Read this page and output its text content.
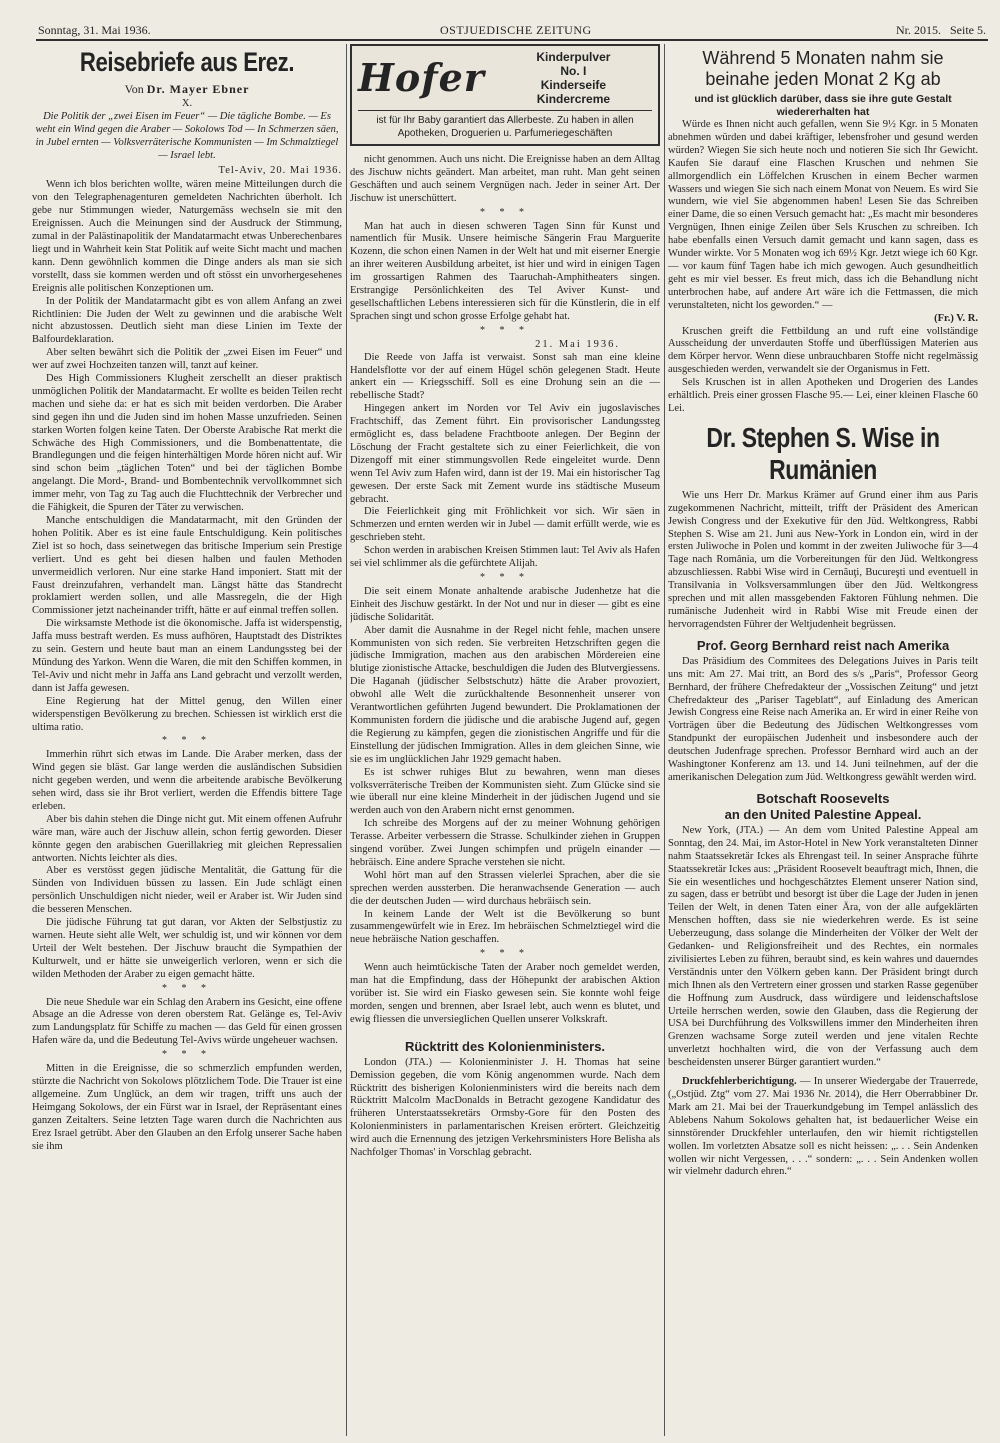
Sonntag, 31. Mai 1936.	OSTJUEDISCHE ZEITUNG	Nr. 2015. Seite 5.
Reisebriefe aus Erez.
Von Dr. Mayer Ebner
X.

Die Politik der „zwei Eisen im Feuer“ — Die tägliche Bombe. — Es weht ein Wind gegen die Araber — Sokolows Tod — In Schmerzen säen, in Jubel ernten — Volksverräterische Kommunisten — Im Schmalztiegel — Israel lebt.

Tel-Aviv, 20. Mai 1936.

Wenn ich blos berichten wollte, wären meine Mitteilungen durch die von den Telegraphenagenturen gemeldeten Nachrichten überholt. Ich gebe nur Stimmungen wieder, Naturgemäss wechseln sie mit den Ereignissen. Auch die Meinungen sind der Ausdruck der Stimmung, zumal in der Palästinapolitik der Mandatarmacht etwas Unberechenbares liegt und in Wahrheit kein Stat Politik auf weite Sicht macht und machen kann. Denn gewöhnlich kommen die Dinge anders als man sie sich vorstellt, dass sie kommen werden und oft stösst ein unvorhergesehenes Ereignis alle politischen Konzeptionen um.

In der Politik der Mandatarmacht gibt es von allem Anfang an zwei Richtlinien: Die Juden der Welt zu gewinnen und die arabische Welt nicht abzustossen. Deutlich sieht man diese Linien im Texte der Balfourdeklaration.

Aber selten bewährt sich die Politik der „zwei Eisen im Feuer“ und wer auf zwei Hochzeiten tanzen will, tanzt auf keiner.

Des High Commissioners Klugheit zerschellt an dieser praktisch unmöglichen Politik der Mandatarmacht. Er wollte es beiden Teilen recht machen und siehe da: er hat es sich mit beiden verdorben. Die Araber sind gegen ihn und die Juden sind im hohen Masse unzufrieden. Seinen starken Worten folgen keine Taten. Der Oberste Arabische Rat merkt die Schwäche des High Commissioners, und die Bombenattentate, die Brandlegungen und die feigen hinterhältigen Morde hören nicht auf. Wir sind schon beim „täglichen Toten“ und bei der täglichen Bombe angelangt. Die Mord-, Brand- und Bombentechnik vervollkommnet sich immer mehr, von Tag zu Tag auch die Fluchttechnik der Verbrecher und die Fähigkeit, die Spuren der Täter zu verwischen.

Manche entschuldigen die Mandatarmacht, mit den Gründen der hohen Politik. Aber es ist eine faule Entschuldigung. Kein politisches Ziel ist so hoch, dass seinetwegen das britische Imperium sein Prestige verliert. Und es geht bei diesen halben und faulen Methoden unvermeidlich verloren. Nur eine starke Hand imponiert. Statt mit der Faust dreinzufahren, verhandelt man. Längst hätte das Standrecht proklamiert werden sollen, und alle Massregeln, die der High Commissioner jetzt nacheinander trifft, hätte er auf einmal treffen sollen.

Die wirksamste Methode ist die ökonomische. Jaffa ist widerspenstig, Jaffa muss bestraft werden. Es muss aufhören, Hauptstadt des Distriktes zu sein. Gestern und heute baut man an einem Landungssteg bei der Mündung des Yarkon. Wenn die Waren, die mit den Schiffen kommen, in Tel-Aviv und nicht mehr in Jaffa ans Land gebracht und verzollt werden, dann ist Jaffa gewesen.

Eine Regierung hat der Mittel genug, den Willen einer widerspenstigen Bevölkerung zu brechen. Schiessen ist wirklich erst die ultima ratio.

* * *

Immerhin rührt sich etwas im Lande. Die Araber merken, dass der Wind gegen sie bläst. Gar lange werden die ausländischen Subsidien nicht gegeben werden, und wenn die arbeitende arabische Bevölkerung sehen wird, dass sie ihr Brot verliert, werden die Effendis bittere Tage erleben.

Aber bis dahin stehen die Dinge nicht gut. Mit einem offenen Aufruhr wäre man, wäre auch der Jischuw allein, schon fertig geworden. Dieser könnte gegen den arabischen Guerillakrieg mit gleichen Repressalien antworten. Nichts leichter als dies.

Aber es verstösst gegen jüdische Mentalität, die Gattung für die Sünden von Individuen büssen zu lassen. Ein Jude schlägt einen persönlich Unschuldigen nicht nieder, weil er Araber ist. Wir Juden sind die besseren Menschen.

Die jüdische Führung tat gut daran, vor Akten der Selbstjustiz zu warnen. Heute sieht alle Welt, wer schuldig ist, und wir können vor dem Urteil der Welt bestehen. Der Jischuw braucht die Sympathien der Kulturwelt, und er hätte sie unweigerlich verloren, wenn er sich die wilden Methoden der Araber zu eigen gemacht hätte.

* * *

Die neue Shedule war ein Schlag den Arabern ins Gesicht, eine offene Absage an die Adresse von deren oberstem Rat. Gelänge es, Tel-Aviv zum Landungsplatz für Schiffe zu machen — das Geld für einen grossen Hafen wäre da, und die Bedeutung Tel-Avivs würde ungeheuer wachsen.

* * *

Mitten in die Ereignisse, die so schmerzlich empfunden werden, stürzte die Nachricht von Sokolows plötzlichem Tode. Die Trauer ist eine allgemeine. Zum Unglück, an dem wir tragen, trifft uns auch der Heimgang Sokolows, der ein Fürst war in Israel, der Repräsentant eines ganzen Zeitalters. Seine letzten Tage waren durch die Nachrichten aus Erez Israel getrübt. Aber den Glauben an den Erfolg unserer Sache haben sie ihm

Hofer	Kinderpulver
No. I
Kinderseife
Kindercreme
ist für Ihr Baby garantiert das Allerbeste. Zu haben in allen Apotheken, Droguerien u. Parfumeriegeschäften

nicht genommen. Auch uns nicht. Die Ereignisse haben an dem Alltag des Jischuw nichts geändert. Man arbeitet, man ruht. Man geht seinen Geschäften und auch seinem Vergnügen nach. Jeder in seiner Art. Der Jischuw ist unerschüttert.

* * *

Man hat auch in diesen schweren Tagen Sinn für Kunst und namentlich für Musik. Unsere heimische Sängerin Frau Marguerite Kozenn, die schon einen Namen in der Welt hat und mit eiserner Energie an ihrer weiteren Ausbildung arbeitet, ist hier und wird in einigen Tagen im grossartigen Rahmen des Taaruchah-Amphitheaters singen. Erstrangige Persönlichkeiten des Tel Aviver Kunst- und gesellschaftlichen Lebens interessieren sich für die Künstlerin, die in elf Sprachen singt und schon grosse Erfolge gehabt hat.

* * *

21. Mai 1936.

Die Reede von Jaffa ist verwaist. Sonst sah man eine kleine Handelsflotte vor der auf einem Hügel schön gelegenen Stadt. Heute ankert ein — Kriegsschiff. Soll es eine Drohung sein an die — rebellische Stadt?

Hingegen ankert im Norden vor Tel Aviv ein jugoslavisches Frachtschiff, das Zement führt. Ein provisorischer Landungssteg ermöglicht es, dass beladene Frachtboote anlegen. Der Beginn der Löschung der Fracht gestaltete sich zu einer Feierlichkeit, die von Dizengoff mit einer stimmungsvollen Rede eingeleitet wurde. Denn wenn Tel Aviv zum Hafen wird, dann ist der 19. Mai ein historischer Tag gewesen. Der erste Sack mit Zement wurde ins städtische Museum gebracht.

Die Feierlichkeit ging mit Fröhlichkeit vor sich. Wir säen in Schmerzen und ernten werden wir in Jubel — damit erfüllt werde, wie es geschrieben steht.

Schon werden in arabischen Kreisen Stimmen laut: Tel Aviv als Hafen sei viel schlimmer als die gefürchtete Alijah.

* * *

Die seit einem Monate anhaltende arabische Judenhetze hat die Einheit des Jischuw gestärkt. In der Not und nur in dieser — gibt es eine jüdische Solidarität.

Aber damit die Ausnahme in der Regel nicht fehle, machen unsere Kommunisten von sich reden. Sie verbreiten Hetzschriften gegen die jüdische Immigration, machen aus den arabischen Mördereien eine blutige zionistische Attacke, beschuldigen die Juden des Blutvergiessens. Die Haganah (jüdischer Selbstschutz) hätte die Araber provoziert, obwohl alle Welt die zurückhaltende Besonnenheit unserer von Verantwortlichen geführten Jugend bewundert. Die Proklamationen der Kommunisten fordern die jüdische und die arabische Jugend auf, gegen die Regierung zu kämpfen, gegen die zionistischen Angriffe und für die Einstellung der jüdischen Immigration. Alles in dem gleichen Sinne, wie sie es im unglücklichen Jahr 1929 gemacht haben.

Es ist schwer ruhiges Blut zu bewahren, wenn man dieses volksverräterische Treiben der Kommunisten sieht. Zum Glücke sind sie wie überall nur eine kleine Minderheit in der jüdischen Jugend und sie werden auch von den Arabern nicht ernst genommen.

Ich schreibe des Morgens auf der zu meiner Wohnung gehörigen Terasse. Arbeiter verbessern die Strasse. Schulkinder ziehen in Gruppen singend vorüber. Zwei Jungen schimpfen und prügeln einander — hebräisch. Eine andere Sprache verstehen sie nicht.

Wohl hört man auf den Strassen vielerlei Sprachen, aber die sie sprechen werden aussterben. Die heranwachsende Generation — auch die der deutschen Juden — wird durchaus hebräisch sein.

In keinem Lande der Welt ist die Bevölkerung so bunt zusammengewürfelt wie in Erez. Im hebräischen Schmelztiegel wird die neue hebräische Nation geschaffen.

* * *

Wenn auch heimtückische Taten der Araber noch gemeldet werden, man hat die Empfindung, dass der Höhepunkt der arabischen Aktion vorüber ist. Sie wird ein Fiasko gewesen sein. Sie konnte wohl feige morden, sengen und brennen, aber Israel lebt, auch wenn es blutet, und ewig fliessen die unversieglichen Quellen unserer Volkskraft.

Rücktritt des Kolonienministers.

London (JTA.) — Kolonienminister J. H. Thomas hat seine Demission gegeben, die vom König angenommen wurde. Nach dem Rücktritt des bisherigen Kolonienministers wird die bereits nach dem Rücktritt Malcolm MacDonalds in Betracht gezogene Kandidatur des früheren Unterstaatssekretärs Ormsby-Gore für den Posten des Kolonienministers in parlamentarischen Kreisen erörtert. Gleichzeitig wird auch die Ernennung des jetzigen Verkehrsministers Hore Belisha als Nachfolger Thomas' in Vorschlag gebracht.

Während 5 Monaten nahm sie beinahe jeden Monat 2 Kg ab
und ist glücklich darüber, dass sie ihre gute Gestalt wiedererhalten hat

Würde es Ihnen nicht auch gefallen, wenn Sie 9½ Kgr. in 5 Monaten abnehmen würden und dabei kräftiger, lebensfroher und gesund werden würden? Wiegen Sie sich heute noch und notieren Sie sich Ihr Gewicht. Kaufen Sie darauf eine Flaschen Kruschen und nehmen Sie allmorgendlich ein Löffelchen Kruschen in einem Becher warmen Wassers und wiegen Sie sich nach einem Monat von Neuem. Es wird Sie wundern, wie viel Sie abgenommen haben! Lesen Sie das Schreiben einer Dame, die so einen Versuch gemacht hat: „Es macht mir besonderes Vergnügen, Ihnen einige Zeilen über Sels Kruschen zu schreiben. Ich habe ebenfalls einen Versuch damit gemacht und kann sagen, dass es Wunder wirkte. Vor 5 Monaten wog ich 69½ Kgr. Jetzt wiege ich 60 Kgr. — vor kaum fünf Tagen habe ich mich gewogen. Auch gesundheitlich geht es mir viel besser. Es freut mich, dass ich die Behandlung nicht unterbrochen habe, auf andere Art wäre ich die Fettmassen, die mich verunstalteten, nicht los geworden.“ —

(Fr.) V. R.

Kruschen greift die Fettbildung an und ruft eine vollständige Ausscheidung der unverdauten Stoffe und überflüssigen Materien aus dem Körper hervor. Wenn diese unbrauchbaren Stoffe nicht regelmässig ausgeschieden werden, verwandelt sie der Organismus in Fett.

Sels Kruschen ist in allen Apotheken und Drogerien des Landes erhältlich. Preis einer grossen Flasche 95.— Lei, einer kleinen Flasche 60 Lei.

Dr. Stephen S. Wise in Rumänien

Wie uns Herr Dr. Markus Krämer auf Grund einer ihm aus Paris zugekommenen Nachricht, mitteilt, trifft der Präsident des American Jewish Congress und der Exekutive für den Jüd. Weltkongress, Rabbi Stephen S. Wise am 21. Juni aus New-York in London ein, wird in der ersten Juliwoche in Polen und kommt in der zweiten Juliwoche für 3—4 Tage nach România, um die Vorbereitungen für den Jüd. Weltkongress abzuschliessen. Rabbi Wise wird in Cernăuţi, Bucureşti und eventuell in Transilvania in Volksversammlungen über den Jüd. Weltkongress sprechen und mit allen massgebenden Faktoren Fühlung nehmen. Die rumänische Judenheit wird in Rabbi Wise mit Freude einen der hervorragendsten Führer der Weltjudenheit begrüssen.

Prof. Georg Bernhard reist nach Amerika

Das Präsidium des Commitees des Delegations Juives in Paris teilt uns mit: Am 27. Mai tritt, an Bord des s/s „Paris“, Professor Georg Bernhard, der frühere Chefredakteur der „Vossischen Zeitung“ und jetzt Chefredakteur des „Pariser Tageblatt“, auf Einladung des American Jewish Congress eine Reise nach Amerika an. Er wird in einer Reihe von Vorträgen über die Bedeutung des Jüdischen Weltkongresses vom Standpunkt der europäischen Judenheit und insbesondere auch der deutschen Judenfrage sprechen. Professor Bernhard wird auch an der Washingtoner Konferenz am 13. und 14. Juni teilnehmen, auf der die amerikanischen Delegation zum Jüd. Weltkongress gewählt werden wird.

Botschaft Roosevelts
an den United Palestine Appeal.

New York, (JTA.) — An dem vom United Palestine Appeal am Sonntag, den 24. Mai, im Astor-Hotel in New York veranstalteten Dinner nahm Staatssekretär Ickes als Ehrengast teil. In seiner Ansprache führte Staatssekretär Ickes aus: „Präsident Roosevelt beauftragt mich, Ihnen, die Sie ein wesentliches und hochgeschätztes Element unserer Nation sind, zu sagen, dass er betrübt und besorgt ist über die Lage der Juden in jenen Teilen der Welt, in denen Taten einer Ära, von der alle aufgeklärten Menschen hofften, dass sie nie wiederkehren werde. Es ist seine Ueberzeugung, dass solange die Minderheiten der Völker der Welt der Gedanken- und Religionsfreiheit und des Rechtes, ein normales zivilisiertes Leben zu führen, beraubt sind, es kein wahres und dauerndes Verständnis unter den Völkern geben kann. Der Präsident bringt durch mich Ihnen als den Vertretern einer grossen und starken Rasse gegenüber die Hoffnung zum Ausdruck, dass würdigere und leidenschaftslose Urteile herrschen werden, sowie den Glauben, dass die Regierung der USA bei Durchführung des Volkswillens immer den Minderheiten ihren Grenzen wachsame Sorge zuteil werden und jene vitalen Rechte unverletzt hochhalten wird, die von der Verfassung auch dem bescheidensten unserer Bürger garantiert wurden.“

Druckfehlerberichtigung. — In unserer Wiedergabe der Trauerrede, („Ostjüd. Ztg“ vom 27. Mai 1936 Nr. 2014), die Herr Oberrabbiner Dr. Mark am 21. Mai bei der Trauerkundgebung im Tempel anlässlich des Ablebens Nahum Sokolows gehalten hat, ist bedauerlicher Weise ein sinnstörender Druckfehler unterlaufen, den wir hiemit richtigstellen wollen. Im vorletzten Absatze soll es nicht heissen: „. . . Sein Andenken wollen wir nicht Vergessen, . . .“ sondern: „. . . Sein Andenken wollen wir vielmehr dadurch ehren.“
